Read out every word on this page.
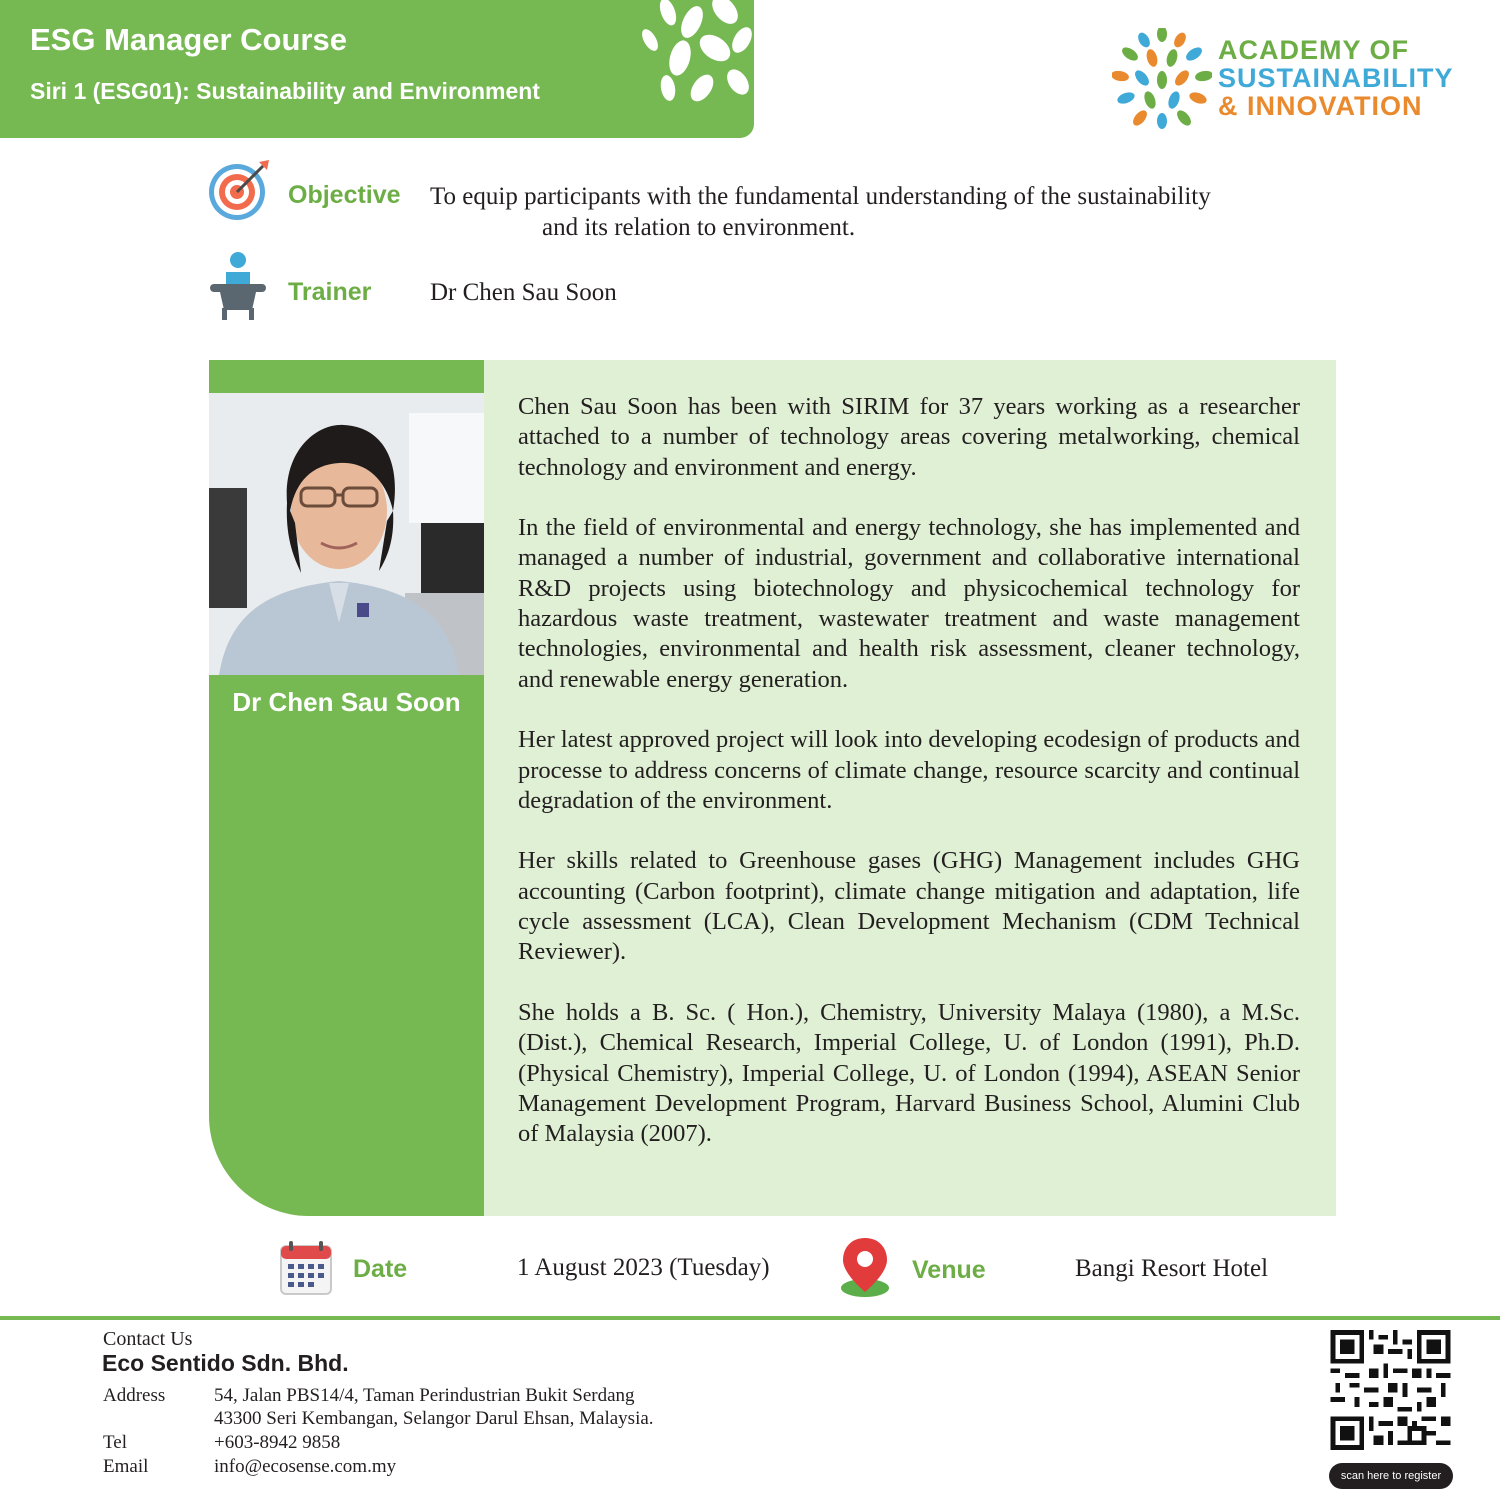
ESG Manager Course
Siri 1 (ESG01): Sustainability and Environment
ACADEMY OF
SUSTAINABILITY
& INNOVATION
Objective To equip participants with the fundamental understanding of the sustainability
and its relation to environment.
Trainer Dr Chen Sau Soon
Dr Chen Sau Soon

Chen Sau Soon has been with SIRIM for 37 years working as a researcher attached to a number of technology areas covering metalworking, chemical technology and environment and energy.

In the field of environmental and energy technology, she has implemented and managed a number of industrial, government and collaborative international R&D projects using biotechnology and physicochemical technology for hazardous waste treatment, wastewater treatment and waste management technologies, environmental and health risk assessment, cleaner technology, and renewable energy generation.

Her latest approved project will look into developing ecodesign of products and processe to address concerns of climate change, resource scarcity and continual degradation of the environment.

Her skills related to Greenhouse gases (GHG) Management includes GHG accounting (Carbon footprint), climate change mitigation and adaptation, life cycle assessment (LCA), Clean Development Mechanism (CDM Technical Reviewer).

She holds a B. Sc. ( Hon.), Chemistry, University Malaya (1980), a M.Sc. (Dist.), Chemical Research, Imperial College, U. of London (1991), Ph.D. (Physical Chemistry), Imperial College, U. of London (1994), ASEAN Senior Management Development Program, Harvard Business School, Alumini Club of Malaysia (2007).

Date	1 August 2023 (Tuesday)	Venue	Bangi Resort Hotel
Contact Us
Eco Sentido Sdn. Bhd.
Address	54, Jalan PBS14/4, Taman Perindustrian Bukit Serdang
43300 Seri Kembangan, Selangor Darul Ehsan, Malaysia.
Tel	+603-8942 9858
Email	info@ecosense.com.my	scan here to register
